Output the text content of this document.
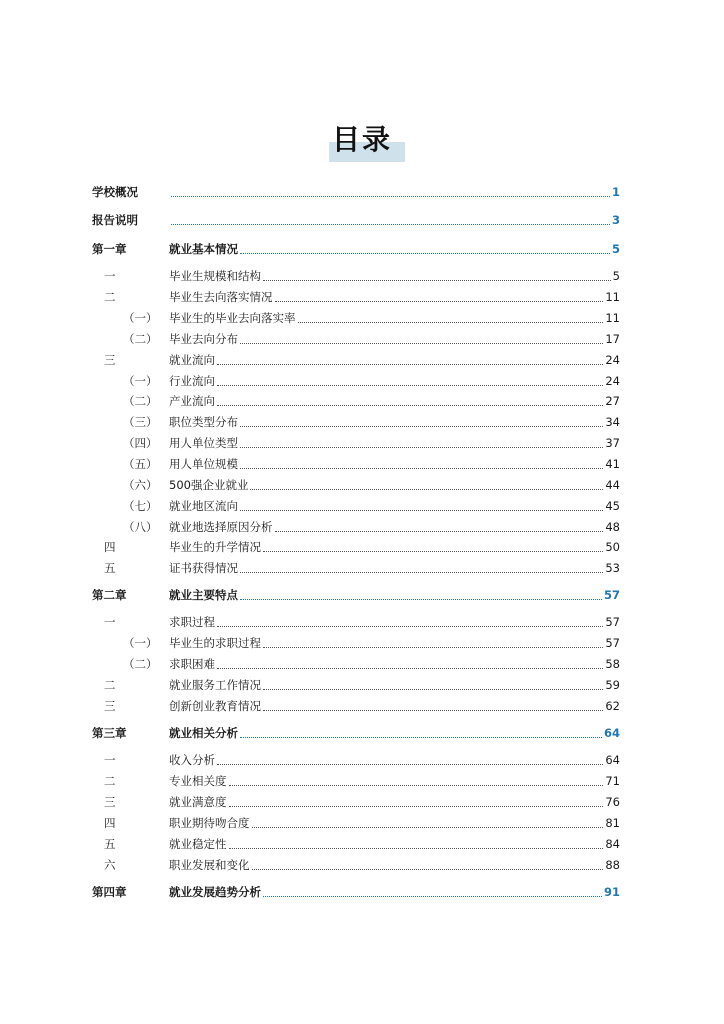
目录
学校概况	1
报告说明	3
第一章	就业基本情况	5
一	毕业生规模和结构	5
二	毕业生去向落实情况	11
（一） 毕业生的毕业去向落实率	11
（二） 毕业去向分布	17
三	就业流向	24
（一） 行业流向	24
（二） 产业流向	27
（三） 职位类型分布	34
（四） 用人单位类型	37
（五） 用人单位规模	41
（六） 500强企业就业	44
（七） 就业地区流向	45
（八） 就业地选择原因分析	48
四	毕业生的升学情况	50
五	证书获得情况	53
第二章	就业主要特点	57
一	求职过程	57
（一） 毕业生的求职过程	57
（二） 求职困难	58
二	就业服务工作情况	59
三	创新创业教育情况	62
第三章	就业相关分析	64
一	收入分析	64
二	专业相关度	71
三	就业满意度	76
四	职业期待吻合度	81
五	就业稳定性	84
六	职业发展和变化	88
第四章	就业发展趋势分析	91
